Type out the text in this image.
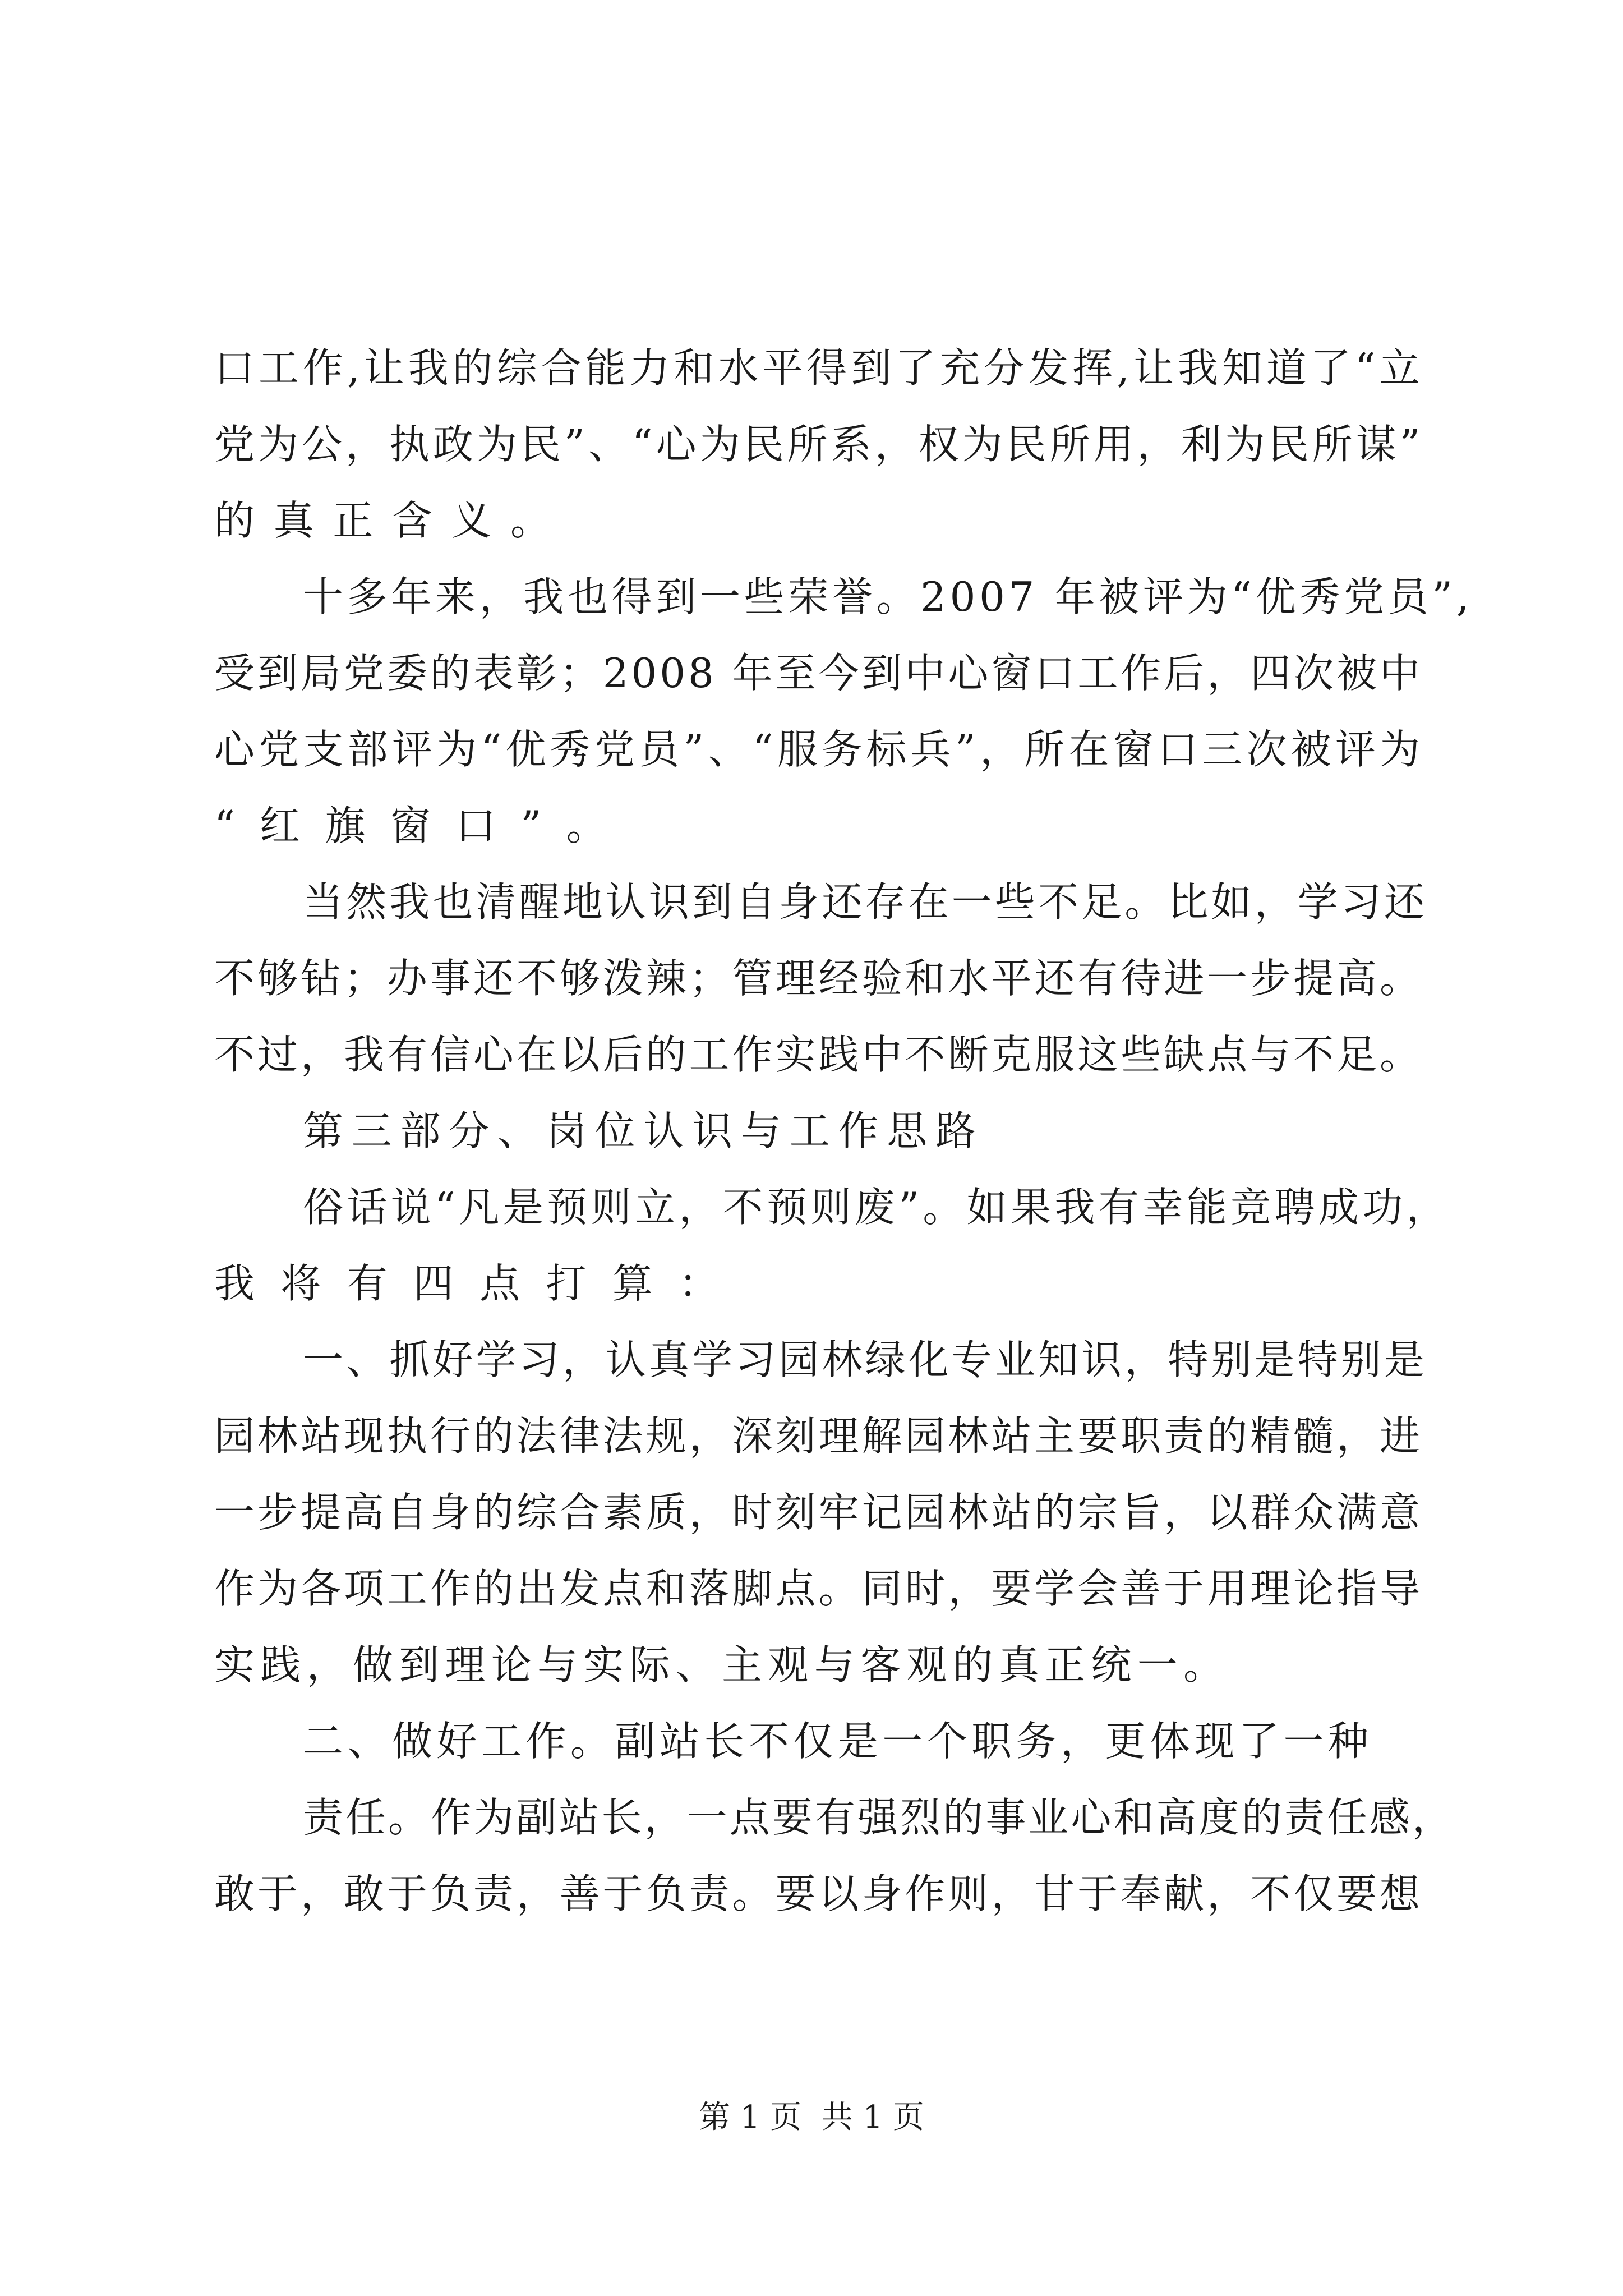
口工作,让我的综合能力和水平得到了充分发挥,让我知道了“立
党为公，执政为民”、“心为民所系，权为民所用，利为民所谋”
的真正含义。
十多年来，我也得到一些荣誉。2007 年被评为“优秀党员”,
受到局党委的表彰；2008 年至今到中心窗口工作后，四次被中
心党支部评为“优秀党员”、“服务标兵”，所在窗口三次被评为
“红旗窗口”。
当然我也清醒地认识到自身还存在一些不足。比如，学习还
不够钻；办事还不够泼辣；管理经验和水平还有待进一步提高。
不过，我有信心在以后的工作实践中不断克服这些缺点与不足。
第三部分、岗位认识与工作思路
俗话说“凡是预则立，不预则废”。如果我有幸能竞聘成功，
我将有四点打算：
一、抓好学习，认真学习园林绿化专业知识，特别是特别是
园林站现执行的法律法规，深刻理解园林站主要职责的精髓，进
一步提高自身的综合素质，时刻牢记园林站的宗旨，以群众满意
作为各项工作的出发点和落脚点。同时，要学会善于用理论指导
实践，做到理论与实际、主观与客观的真正统一。
二、做好工作。副站长不仅是一个职务，更体现了一种
责任。作为副站长，一点要有强烈的事业心和高度的责任感，
敢于，敢于负责，善于负责。要以身作则，甘于奉献，不仅要想
第 1 页  共 1 页
